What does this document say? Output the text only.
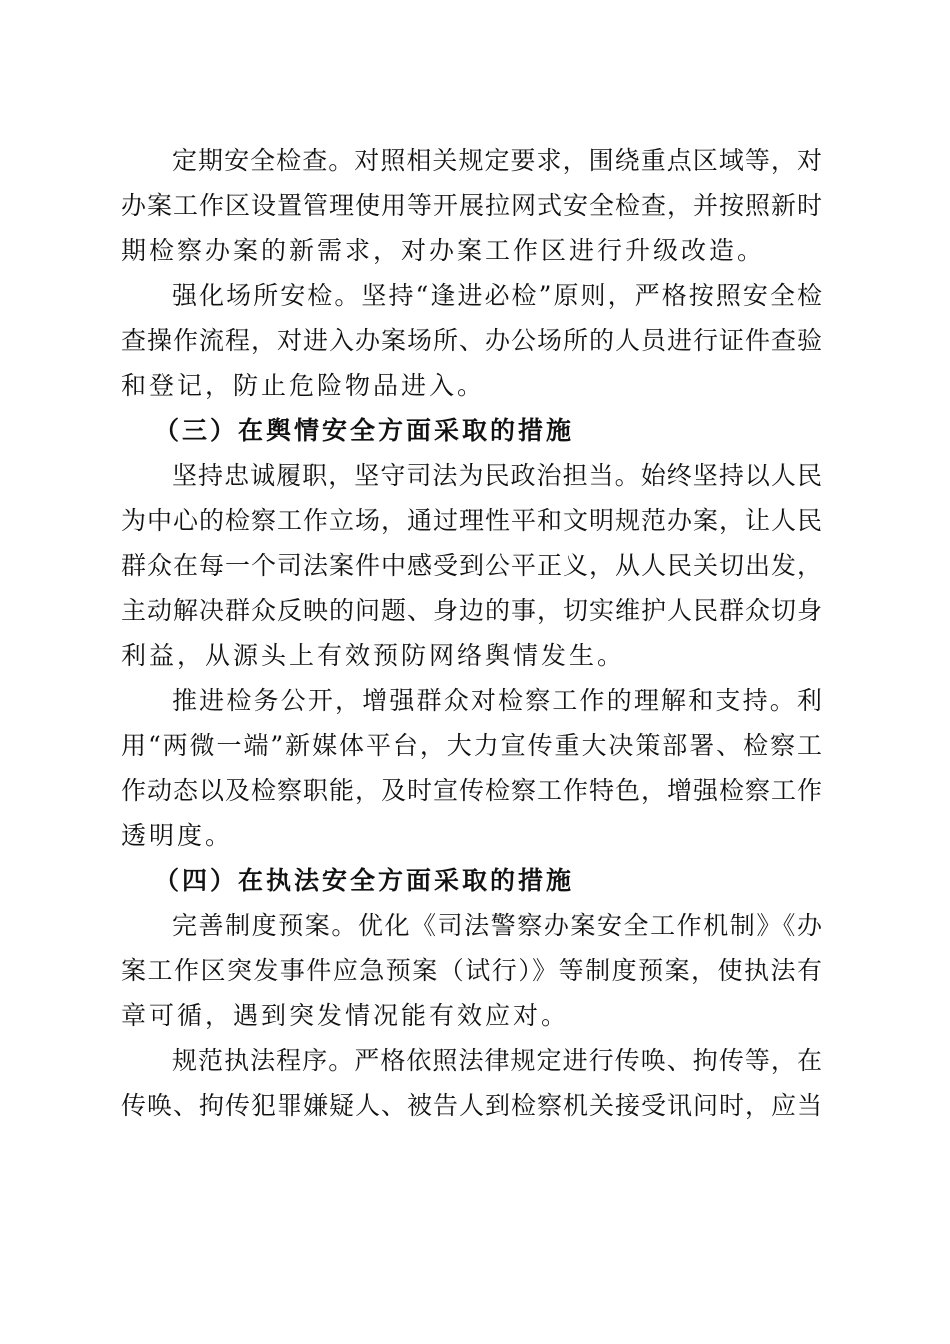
定期安全检查。对照相关规定要求，围绕重点区域等，对
办案工作区设置管理使用等开展拉网式安全检查，并按照新时
期检察办案的新需求，对办案工作区进行升级改造。
强化场所安检。坚持“逢进必检”原则，严格按照安全检
查操作流程，对进入办案场所、办公场所的人员进行证件查验
和登记，防止危险物品进入。
（三）在舆情安全方面采取的措施
坚持忠诚履职，坚守司法为民政治担当。始终坚持以人民
为中心的检察工作立场，通过理性平和文明规范办案，让人民
群众在每一个司法案件中感受到公平正义，从人民关切出发，
主动解决群众反映的问题、身边的事，切实维护人民群众切身
利益，从源头上有效预防网络舆情发生。
推进检务公开，增强群众对检察工作的理解和支持。利
用“两微一端”新媒体平台，大力宣传重大决策部署、检察工
作动态以及检察职能，及时宣传检察工作特色，增强检察工作
透明度。
（四）在执法安全方面采取的措施
完善制度预案。优化《司法警察办案安全工作机制》《办
案工作区突发事件应急预案（试行）》等制度预案，使执法有
章可循，遇到突发情况能有效应对。
规范执法程序。严格依照法律规定进行传唤、拘传等，在
传唤、拘传犯罪嫌疑人、被告人到检察机关接受讯问时，应当
